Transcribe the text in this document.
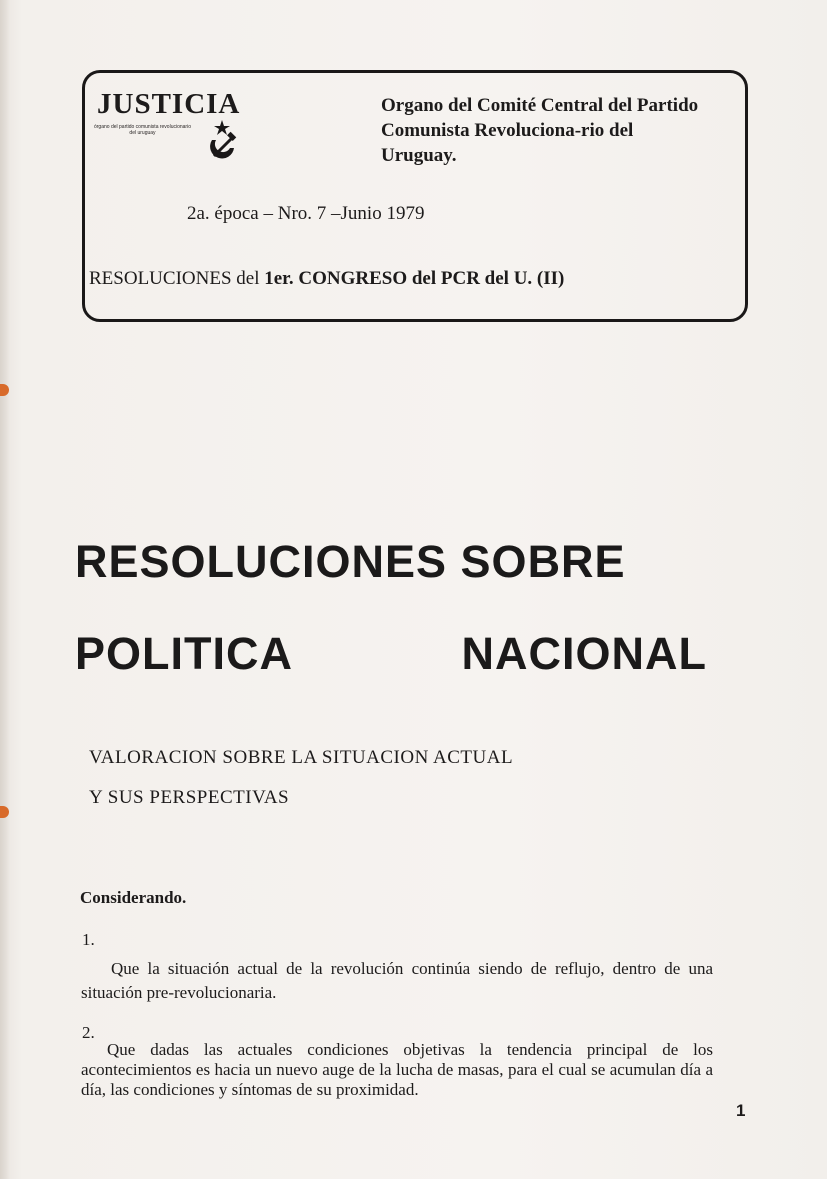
JUSTICIA
órgano del partido comunista revolucionario del uruguay
Organo del Comité Central del Partido Comunista Revoluciona-rio del Uruguay.
2a. época – Nro. 7 –Junio 1979
RESOLUCIONES del 1er. CONGRESO del PCR del U. (II)
RESOLUCIONES SOBRE
POLITICA	NACIONAL
VALORACION SOBRE LA SITUACION ACTUAL
Y SUS PERSPECTIVAS
Considerando.
1.
Que la situación actual de la revolución continúa siendo de reflujo, dentro de una situación pre-revolucionaria.
2.
Que dadas las actuales condiciones objetivas la tendencia principal de los acontecimientos es hacia un nuevo auge de la lucha de masas, para el cual se acumulan día a día, las condiciones y síntomas de su proximidad.
1
